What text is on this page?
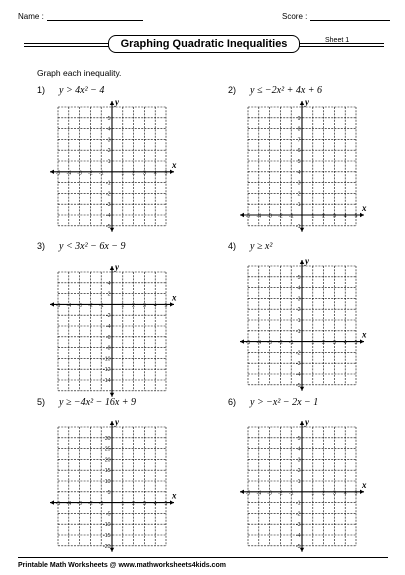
Name :	Score :
Graphing Quadratic Inequalities	Sheet 1
Graph each inequality.
1) y > 4x² − 4
x
y
-5 -4 -3 -2 -1	1 2 3 4 5
5
4
3
2
1
-1
-2
-3
-4
-5
2) y ≤ −2x² + 4x + 6
x
y
-5 -4 -3 -2 -1	1 2 3 4 5
9
8
7
6
5
4
3
2
1
-1
3) y < 3x² − 6x − 9
x
y
-5 -4 -3 -2 -1	1 2 3 4 5
4
2
-2
-4
-6
-8
-10
-12
-14
4) y ≥ x²
x
y
-5 -4 -3 -2 -1	1 2 3 4 5
5
4
3
2
1
-1
-2
-3
-4
-5
5) y ≥ −4x² − 16x + 9
x
y
-5 -4 -3 -2 -1	1 2 3 4 5
30
25
20
15
10
5
-5
-10
-15
-20
6) y > −x² − 2x − 1
x
y
-5 -4 -3 -2 -1	1 2 3 4 5
5
4
3
2
1
-1
-2
-3
-4
-5
Printable Math Worksheets @ www.mathworksheets4kids.com
